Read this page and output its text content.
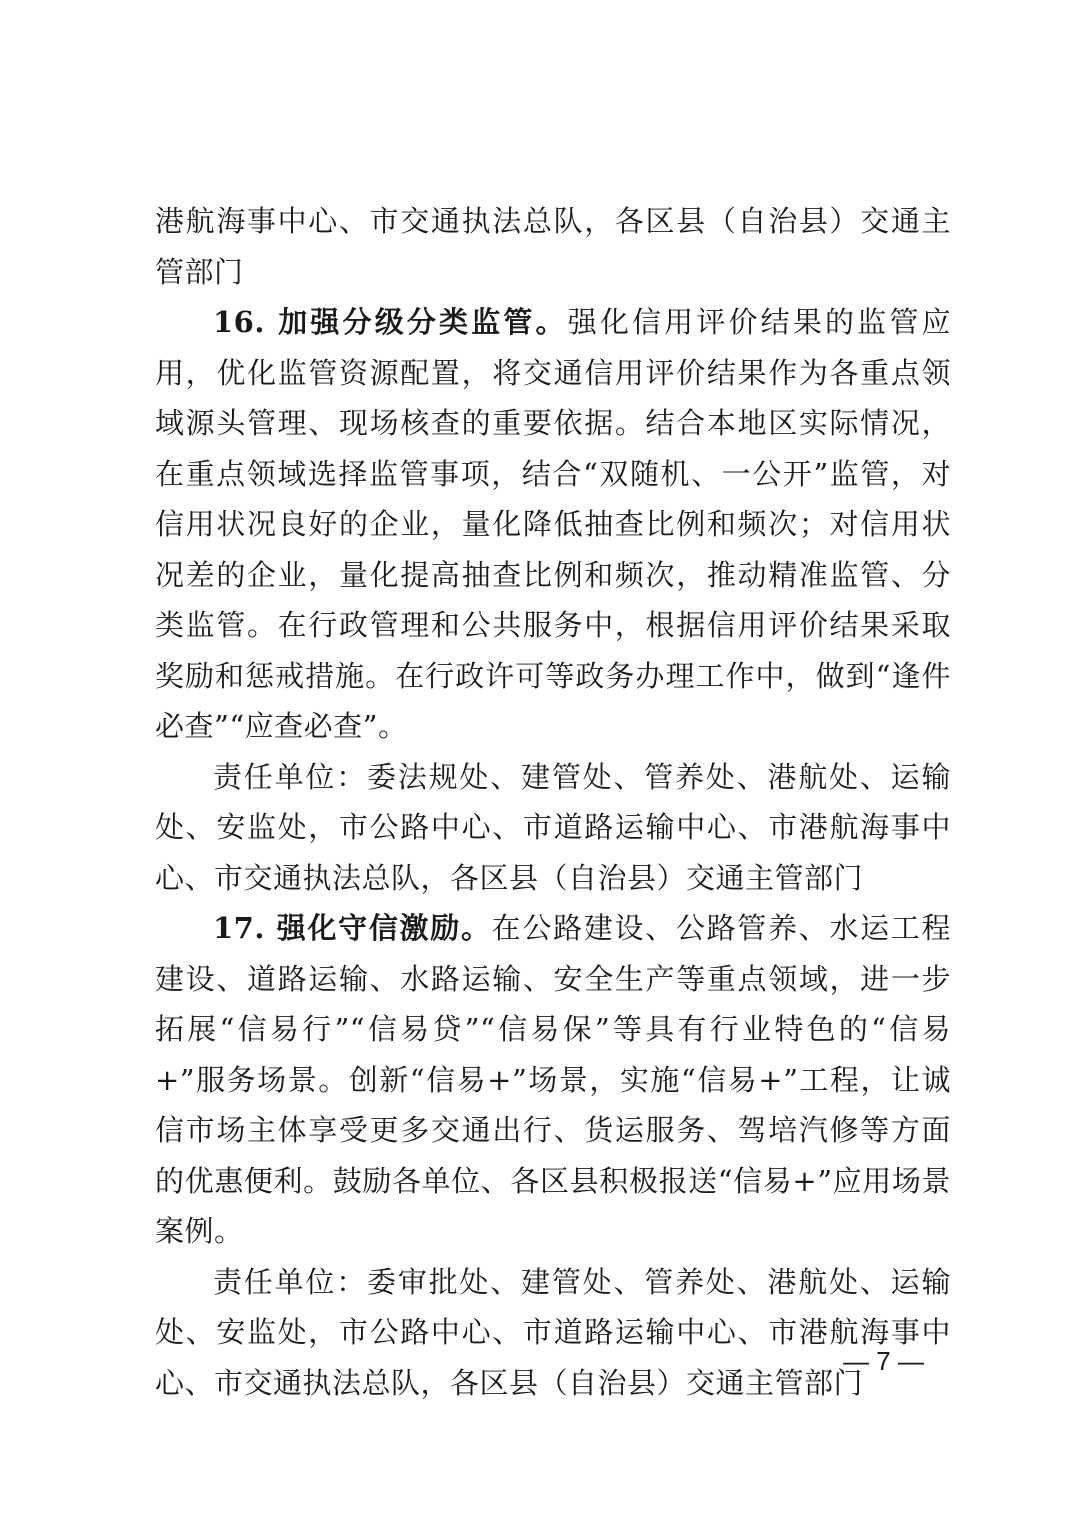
港航海事中心、市交通执法总队，各区县（自治县）交通主管部门

16. 加强分级分类监管。强化信用评价结果的监管应用，优化监管资源配置，将交通信用评价结果作为各重点领域源头管理、现场核查的重要依据。结合本地区实际情况，在重点领域选择监管事项，结合“双随机、一公开”监管，对信用状况良好的企业，量化降低抽查比例和频次；对信用状况差的企业，量化提高抽查比例和频次，推动精准监管、分类监管。在行政管理和公共服务中，根据信用评价结果采取奖励和惩戒措施。在行政许可等政务办理工作中，做到“逢件必查”“应查必查”。

责任单位：委法规处、建管处、管养处、港航处、运输处、安监处，市公路中心、市道路运输中心、市港航海事中心、市交通执法总队，各区县（自治县）交通主管部门

17. 强化守信激励。在公路建设、公路管养、水运工程建设、道路运输、水路运输、安全生产等重点领域，进一步拓展“信易行”“信易贷”“信易保”等具有行业特色的“信易+”服务场景。创新“信易+”场景，实施“信易+”工程，让诚信市场主体享受更多交通出行、货运服务、驾培汽修等方面的优惠便利。鼓励各单位、各区县积极报送“信易+”应用场景案例。

责任单位：委审批处、建管处、管养处、港航处、运输处、安监处，市公路中心、市道路运输中心、市港航海事中心、市交通执法总队，各区县（自治县）交通主管部门

— 7 —
